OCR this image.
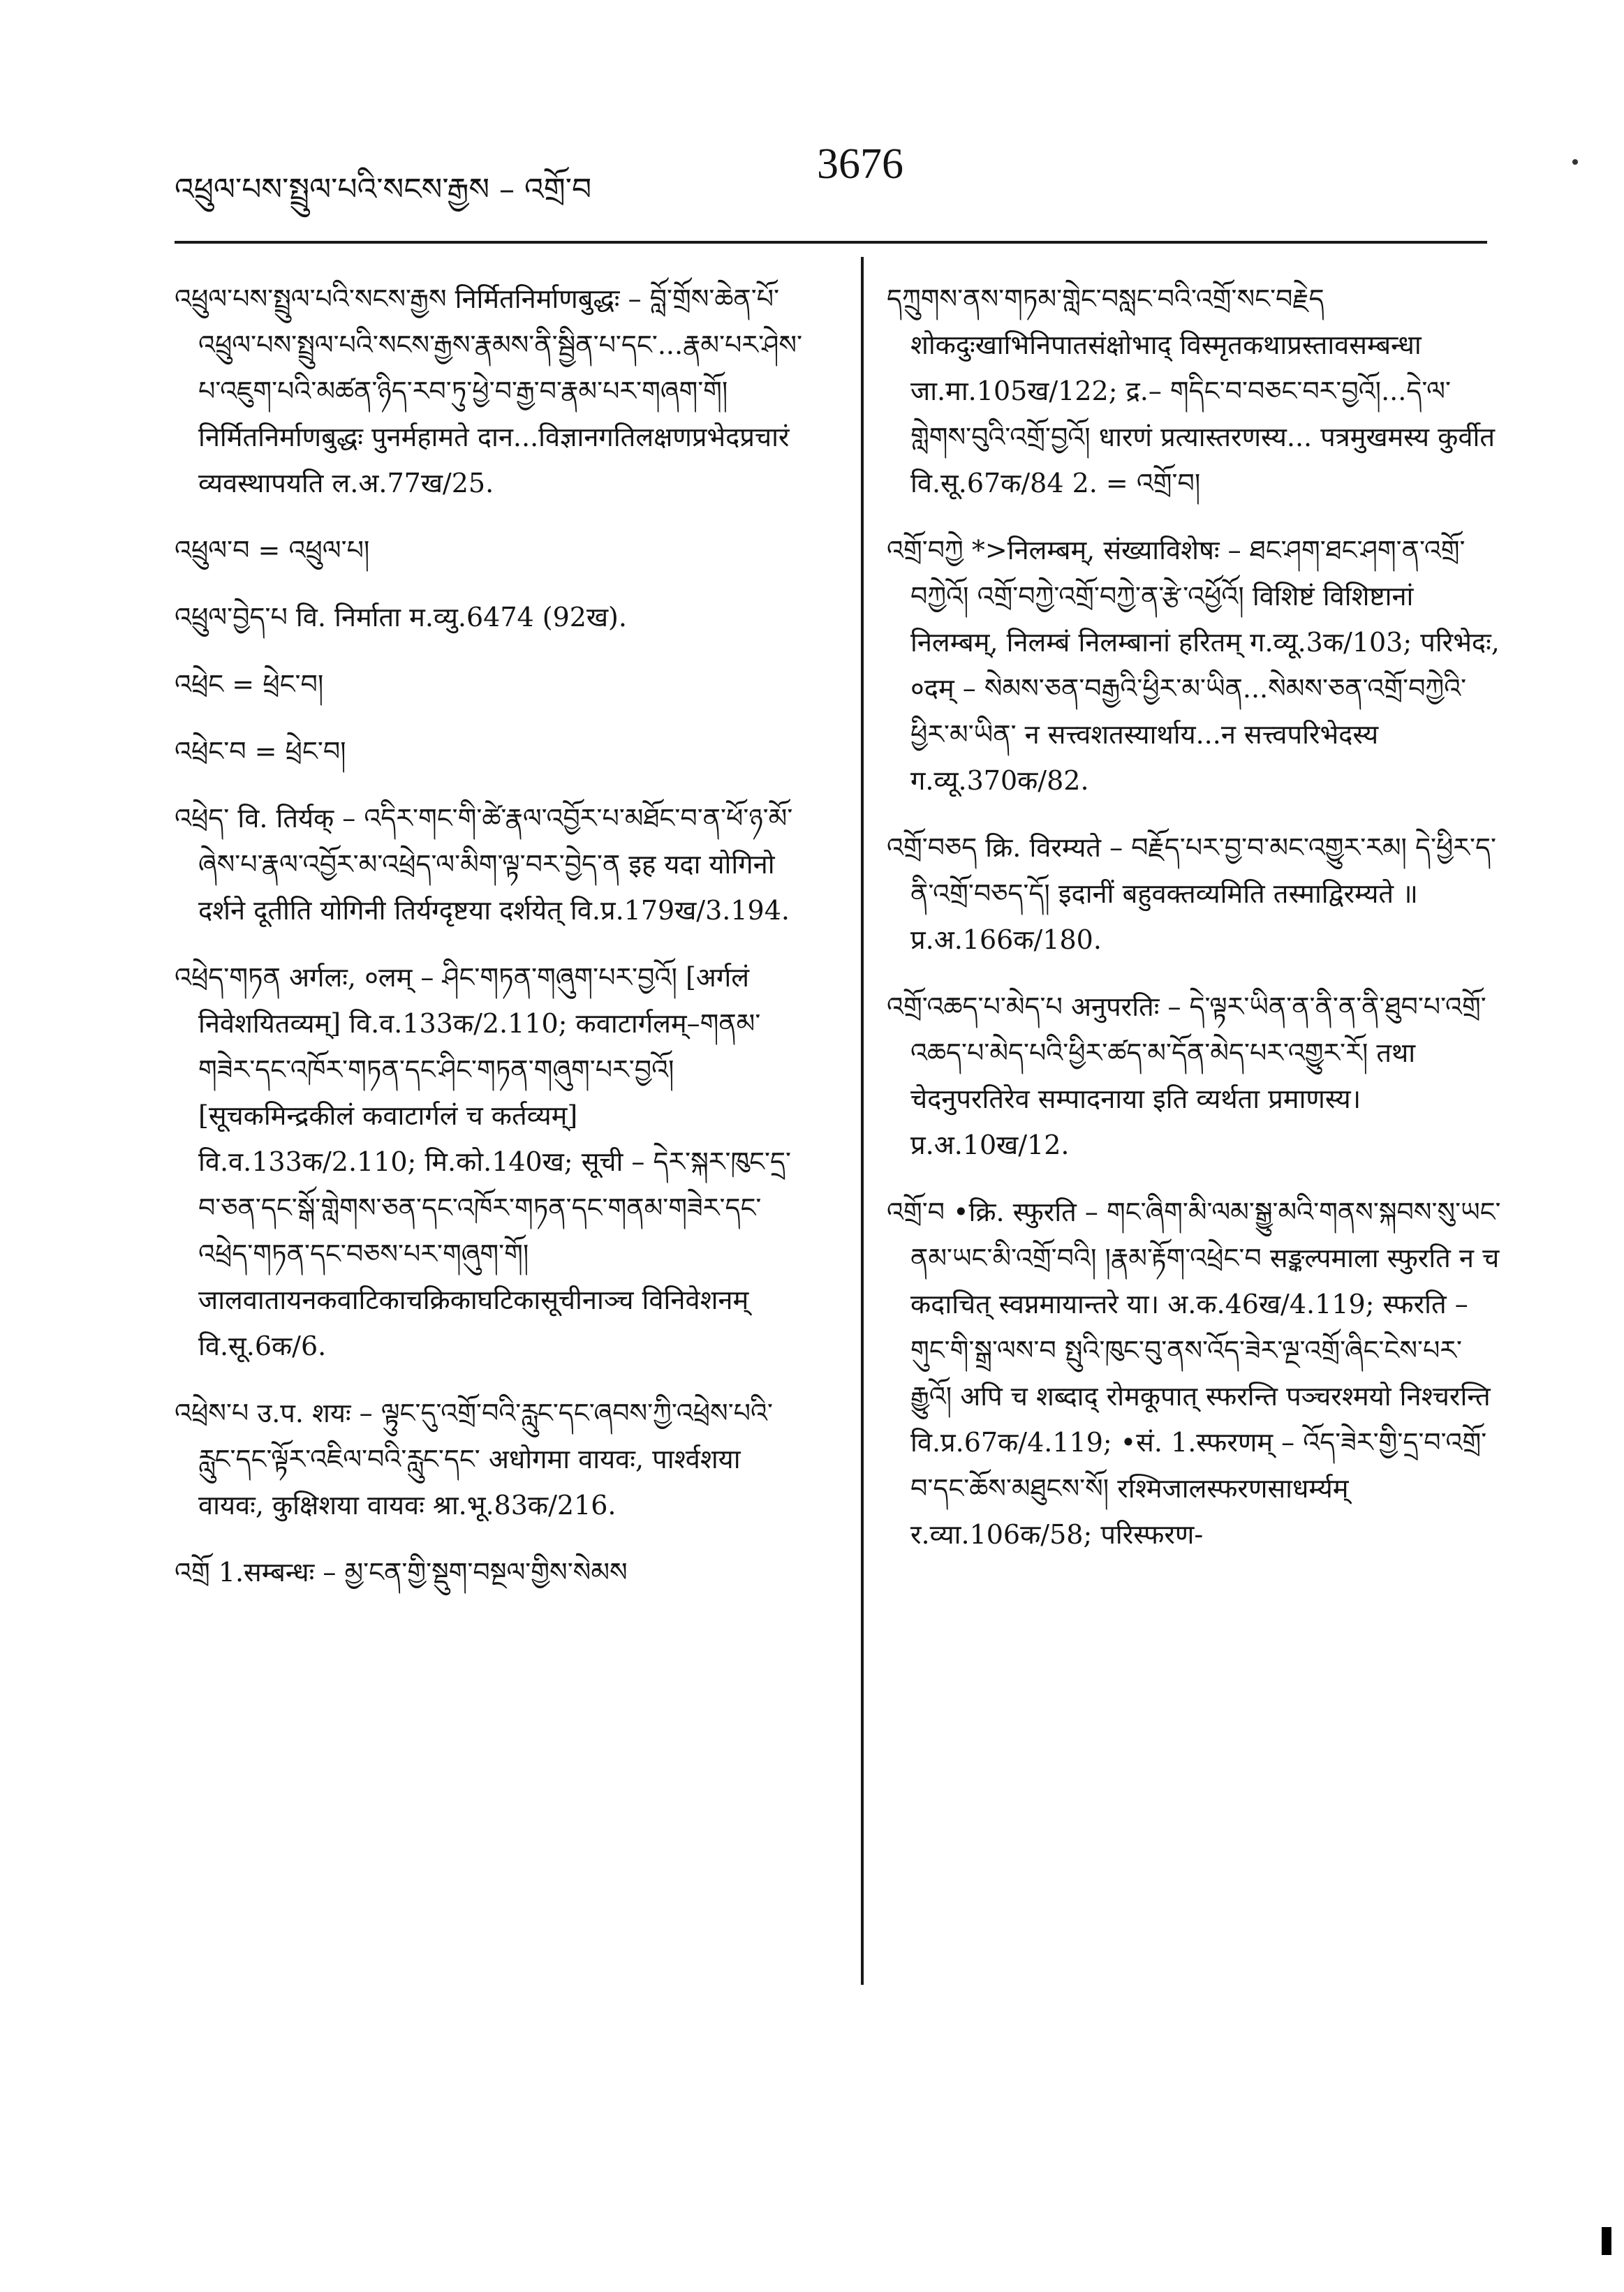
འཕྲུལ་པས་སྤྲུལ་པའི་སངས་རྒྱས – འགྲོ་བ
3676

འཕྲུལ་པས་སྤྲུལ་པའི་སངས་རྒྱས निर्मितनिर्माणबुद्धः – བློ་གྲོས་ཆེན་པོ་འཕྲུལ་པས་སྤྲུལ་པའི་སངས་རྒྱས་རྣམས་ནི་སྦྱིན་པ་དང་...རྣམ་པར་ཤེས་པ་འཇུག་པའི་མཚན་ཉིད་རབ་ཏུ་ཕྱེ་བ་རྒྱ་བ་རྣམ་པར་གཞག་གོ། निर्मितनिर्माणबुद्धः पुनर्महामते दान...विज्ञानगतिलक्षणप्रभेदप्रचारं व्यवस्थापयति ल.अ.77ख/25.

འཕྲུལ་བ = འཕྲུལ་པ།

འཕྲུལ་བྱེད་པ वि. निर्माता म.व्यु.6474 (92ख).

འཕྲེང = ཕྲེང་བ།

འཕྲེང་བ = ཕྲེང་བ།

འཕྲེད་ वि. तिर्यक् – འདིར་གང་གི་ཚེ་རྣལ་འབྱོར་པ་མཐོང་བ་ན་ཕོ་ཉ་མོ་ཞེས་པ་རྣལ་འབྱོར་མ་འཕྲེད་ལ་མིག་ལྟ་བར་བྱེད་ན इह यदा योगिनो दर्शने दूतीति योगिनी तिर्यग्दृष्टया दर्शयेत् वि.प्र.179ख/3.194.

འཕྲེད་གཏན अर्गलः, ०लम् – ཤིང་གཏན་གཞུག་པར་བྱའོ། [अर्गलं निवेशयितव्यम्] वि.व.133क/2.110; कवाटार्गलम्–གནམ་གཟེར་དང་འཁོར་གཏན་དང་ཤིང་གཏན་གཞུག་པར་བྱའོ། [सूचकमिन्द्रकीलं कवाटार्गलं च कर्तव्यम्] वि.व.133क/2.110; मि.को.140ख; सूची – དེར་སྐར་ཁུང་དྲ་བ་ཅན་དང་སྒོ་གླེགས་ཅན་དང་འཁོར་གཏན་དང་གནམ་གཟེར་དང་འཕྲེད་གཏན་དང་བཅས་པར་གཞུག་གོ། जालवातायनकवाटिकाचक्रिकाघटिकासूचीनाञ्च विनिवेशनम् वि.सू.6क/6.

འཕྲེས་པ उ.प. शयः – ལྟུང་དུ་འགྲོ་བའི་རླུང་དང་ཞབས་ཀྱི་འཕྲེས་པའི་རླུང་དང་ལྟོར་འཇིལ་བའི་རླུང་དང་ अधोगमा वायवः, पार्श्वशया वायवः, कुक्षिशया वायवः श्रा.भू.83क/216.

འགྲོ 1.सम्बन्धः – མྱ་ངན་གྱི་སྡུག་བསྔལ་གྱིས་སེམས

དཀྲུགས་ནས་གཏམ་གླེང་བསླང་བའི་འགྲོ་སང་བརྗེད शोकदुःखाभिनिपातसंक्षोभाद् विस्मृतकथाप्रस्तावसम्बन्धा जा.मा.105ख/122; द्र.– གདིང་བ་བཅང་བར་བྱའོ།...དེ་ལ་གླེགས་བུའི་འགྲོ་བྱའོ། धारणं प्रत्यास्तरणस्य... पत्रमुखमस्य कुर्वीत वि.सू.67क/84 2. = འགྲོ་བ།

འགྲོ་བཀྱེ *>निलम्बम्, संख्याविशेषः – ཐང་ཤག་ཐང་ཤག་ན་འགྲོ་བཀྱེའོ། འགྲོ་བཀྱེ་འགྲོ་བཀྱེ་ན་རྩེ་འཕྱོའོ། विशिष्टं विशिष्टानां निलम्बम्, निलम्बं निलम्बानां हरितम् ग.व्यू.3क/103; परिभेदः, ०दम् – སེམས་ཅན་བརྒྱའི་ཕྱིར་མ་ཡིན...སེམས་ཅན་འགྲོ་བཀྱེའི་ཕྱིར་མ་ཡིན་ न सत्त्वशतस्यार्थाय...न सत्त्वपरिभेदस्य ग.व्यू.370क/82.

འགྲོ་བཅད क्रि. विरम्यते – བརྗོད་པར་བྱ་བ་མང་འགྱུར་རམ། དེ་ཕྱིར་ད་ནི་འགྲོ་བཅད་དོ། इदानीं बहुवक्तव्यमिति तस्माद्विरम्यते ॥ प्र.अ.166क/180.

འགྲོ་འཆད་པ་མེད་པ अनुपरतिः – དེ་ལྟར་ཡིན་ན་ནི་ན་ནི་ཐུབ་པ་འགྲོ་འཆད་པ་མེད་པའི་ཕྱིར་ཚད་མ་དོན་མེད་པར་འགྱུར་རོ། तथा चेदनुपरतिरेव सम्पादनाया इति व्यर्थता प्रमाणस्य। प्र.अ.10ख/12.

འགྲོ་བ •क्रि. स्फुरति – གང་ཞིག་མི་ལམ་སྒྱུ་མའི་གནས་སྐབས་སུ་ཡང་ནམ་ཡང་མི་འགྲོ་བའི། །རྣམ་རྟོག་འཕྲེང་བ सङ्कल्पमाला स्फुरति न च कदाचित् स्वप्नमायान्तरे या। अ.क.46ख/4.119; स्फरति – གུང་གི་སྒྲ་ལས་བ སྤུའི་ཁུང་བུ་ནས་འོད་ཟེར་ལྔ་འགྲོ་ཞིང་ངེས་པར་རྒྱུའོ། अपि च शब्दाद् रोमकूपात् स्फरन्ति पञ्चरश्मयो निश्चरन्ति वि.प्र.67क/4.119; •सं. 1.स्फरणम् – འོད་ཟེར་གྱི་དྲ་བ་འགྲོ་བ་དང་ཆོས་མཐུངས་སོ། रश्मिजालस्फरणसाधर्म्यम् र.व्या.106क/58; परिस्फरण-
